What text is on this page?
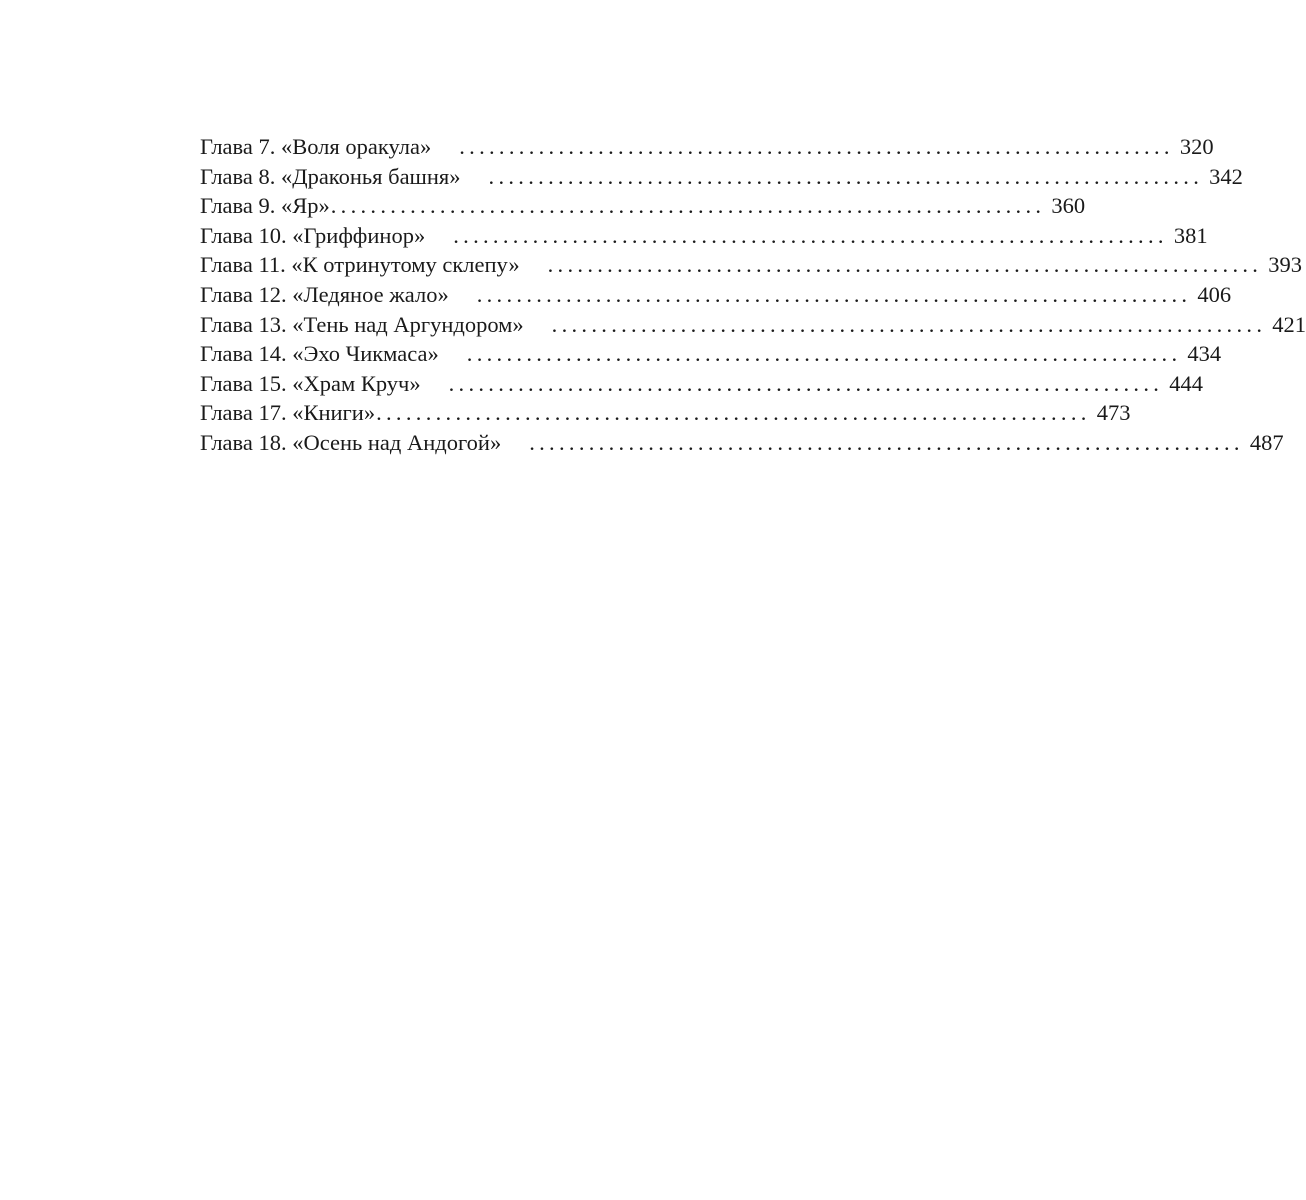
Глава 7. «Воля оракула» ........................................................................ 320
Глава 8. «Драконья башня» ........................................................................ 342
Глава 9. «Яр» ........................................................................ 360
Глава 10. «Гриффинор» ........................................................................ 381
Глава 11. «К отринутому склепу» ........................................................................ 393
Глава 12. «Ледяное жало» ........................................................................ 406
Глава 13. «Тень над Аргундором» ........................................................................ 421
Глава 14. «Эхо Чикмаса» ........................................................................ 434
Глава 15. «Храм Круч» ........................................................................ 444
Глава 17. «Книги» ........................................................................ 473
Глава 18. «Осень над Андогой» ........................................................................ 487
